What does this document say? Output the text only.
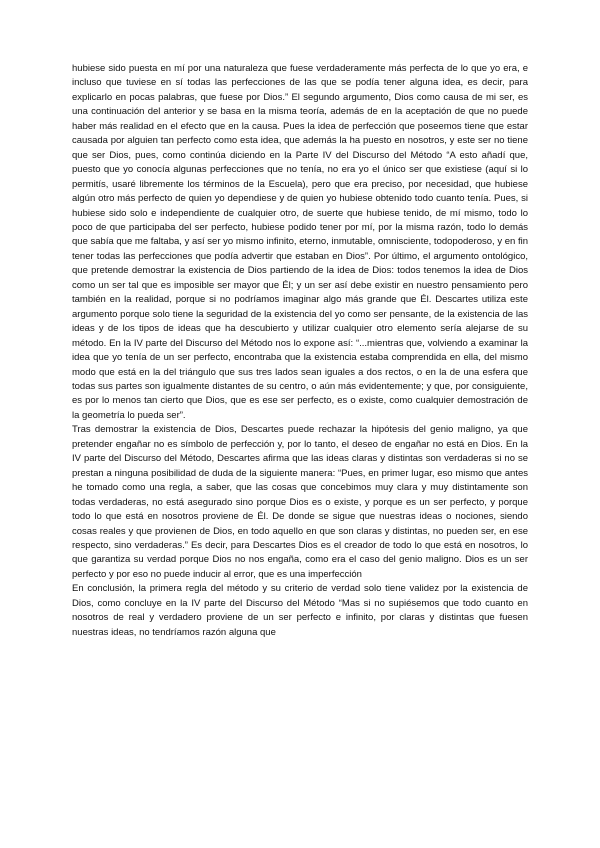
hubiese sido puesta en mí por una naturaleza que fuese verdaderamente más perfecta de lo que yo era, e incluso que tuviese en sí todas las perfecciones de las que se podía tener alguna idea, es decir, para explicarlo en pocas palabras, que fuese por Dios.” El segundo argumento, Dios como causa de mi ser, es una continuación del anterior y se basa en la misma teoría, además de en la aceptación de que no puede haber más realidad en el efecto que en la causa. Pues la idea de perfección que poseemos tiene que estar causada por alguien tan perfecto como esta idea, que además la ha puesto en nosotros, y este ser no tiene que ser Dios, pues, como continúa diciendo en la Parte IV del Discurso del Método “A esto añadí que, puesto que yo conocía algunas perfecciones que no tenía, no era yo el único ser que existiese (aquí si lo permitís, usaré libremente los términos de la Escuela), pero que era preciso, por necesidad, que hubiese algún otro más perfecto de quien yo dependiese y de quien yo hubiese obtenido todo cuanto tenía. Pues, si hubiese sido solo e independiente de cualquier otro, de suerte que hubiese tenido, de mí mismo, todo lo poco de que participaba del ser perfecto, hubiese podido tener por mí, por la misma razón, todo lo demás que sabía que me faltaba, y así ser yo mismo infinito, eterno, inmutable, omnisciente, todopoderoso, y en fin tener todas las perfecciones que podía advertir que estaban en Dios”. Por último, el argumento ontológico, que pretende demostrar la existencia de Dios partiendo de la idea de Dios: todos tenemos la idea de Dios como un ser tal que es imposible ser mayor que Él; y un ser así debe existir en nuestro pensamiento pero también en la realidad, porque si no podríamos imaginar algo más grande que Él. Descartes utiliza este argumento porque solo tiene la seguridad de la existencia del yo como ser pensante, de la existencia de las ideas y de los tipos de ideas que ha descubierto y utilizar cualquier otro elemento sería alejarse de su método. En la IV parte del Discurso del Método nos lo expone así: “...mientras que, volviendo a examinar la idea que yo tenía de un ser perfecto, encontraba que la existencia estaba comprendida en ella, del mismo modo que está en la del triángulo que sus tres lados sean iguales a dos rectos, o en la de una esfera que todas sus partes son igualmente distantes de su centro, o aún más evidentemente; y que, por consiguiente, es por lo menos tan cierto que Dios, que es ese ser perfecto, es o existe, como cualquier demostración de la geometría lo pueda ser”.

Tras demostrar la existencia de Dios, Descartes puede rechazar la hipótesis del genio maligno, ya que pretender engañar no es símbolo de perfección y, por lo tanto, el deseo de engañar no está en Dios. En la IV parte del Discurso del Método, Descartes afirma que las ideas claras y distintas son verdaderas si no se prestan a ninguna posibilidad de duda de la siguiente manera: “Pues, en primer lugar, eso mismo que antes he tomado como una regla, a saber, que las cosas que concebimos muy clara y muy distintamente son todas verdaderas, no está asegurado sino porque Dios es o existe, y porque es un ser perfecto, y porque todo lo que está en nosotros proviene de Él. De donde se sigue que nuestras ideas o nociones, siendo cosas reales y que provienen de Dios, en todo aquello en que son claras y distintas, no pueden ser, en ese respecto, sino verdaderas.” Es decir, para Descartes Dios es el creador de todo lo que está en nosotros, lo que garantiza su verdad porque Dios no nos engaña, como era el caso del genio maligno. Dios es un ser perfecto y por eso no puede inducir al error, que es una imperfección

En conclusión, la primera regla del método y su criterio de verdad solo tiene validez por la existencia de Dios, como concluye en la IV parte del Discurso del Método “Mas si no supiésemos que todo cuanto en nosotros de real y verdadero proviene de un ser perfecto e infinito, por claras y distintas que fuesen nuestras ideas, no tendríamos razón alguna que
